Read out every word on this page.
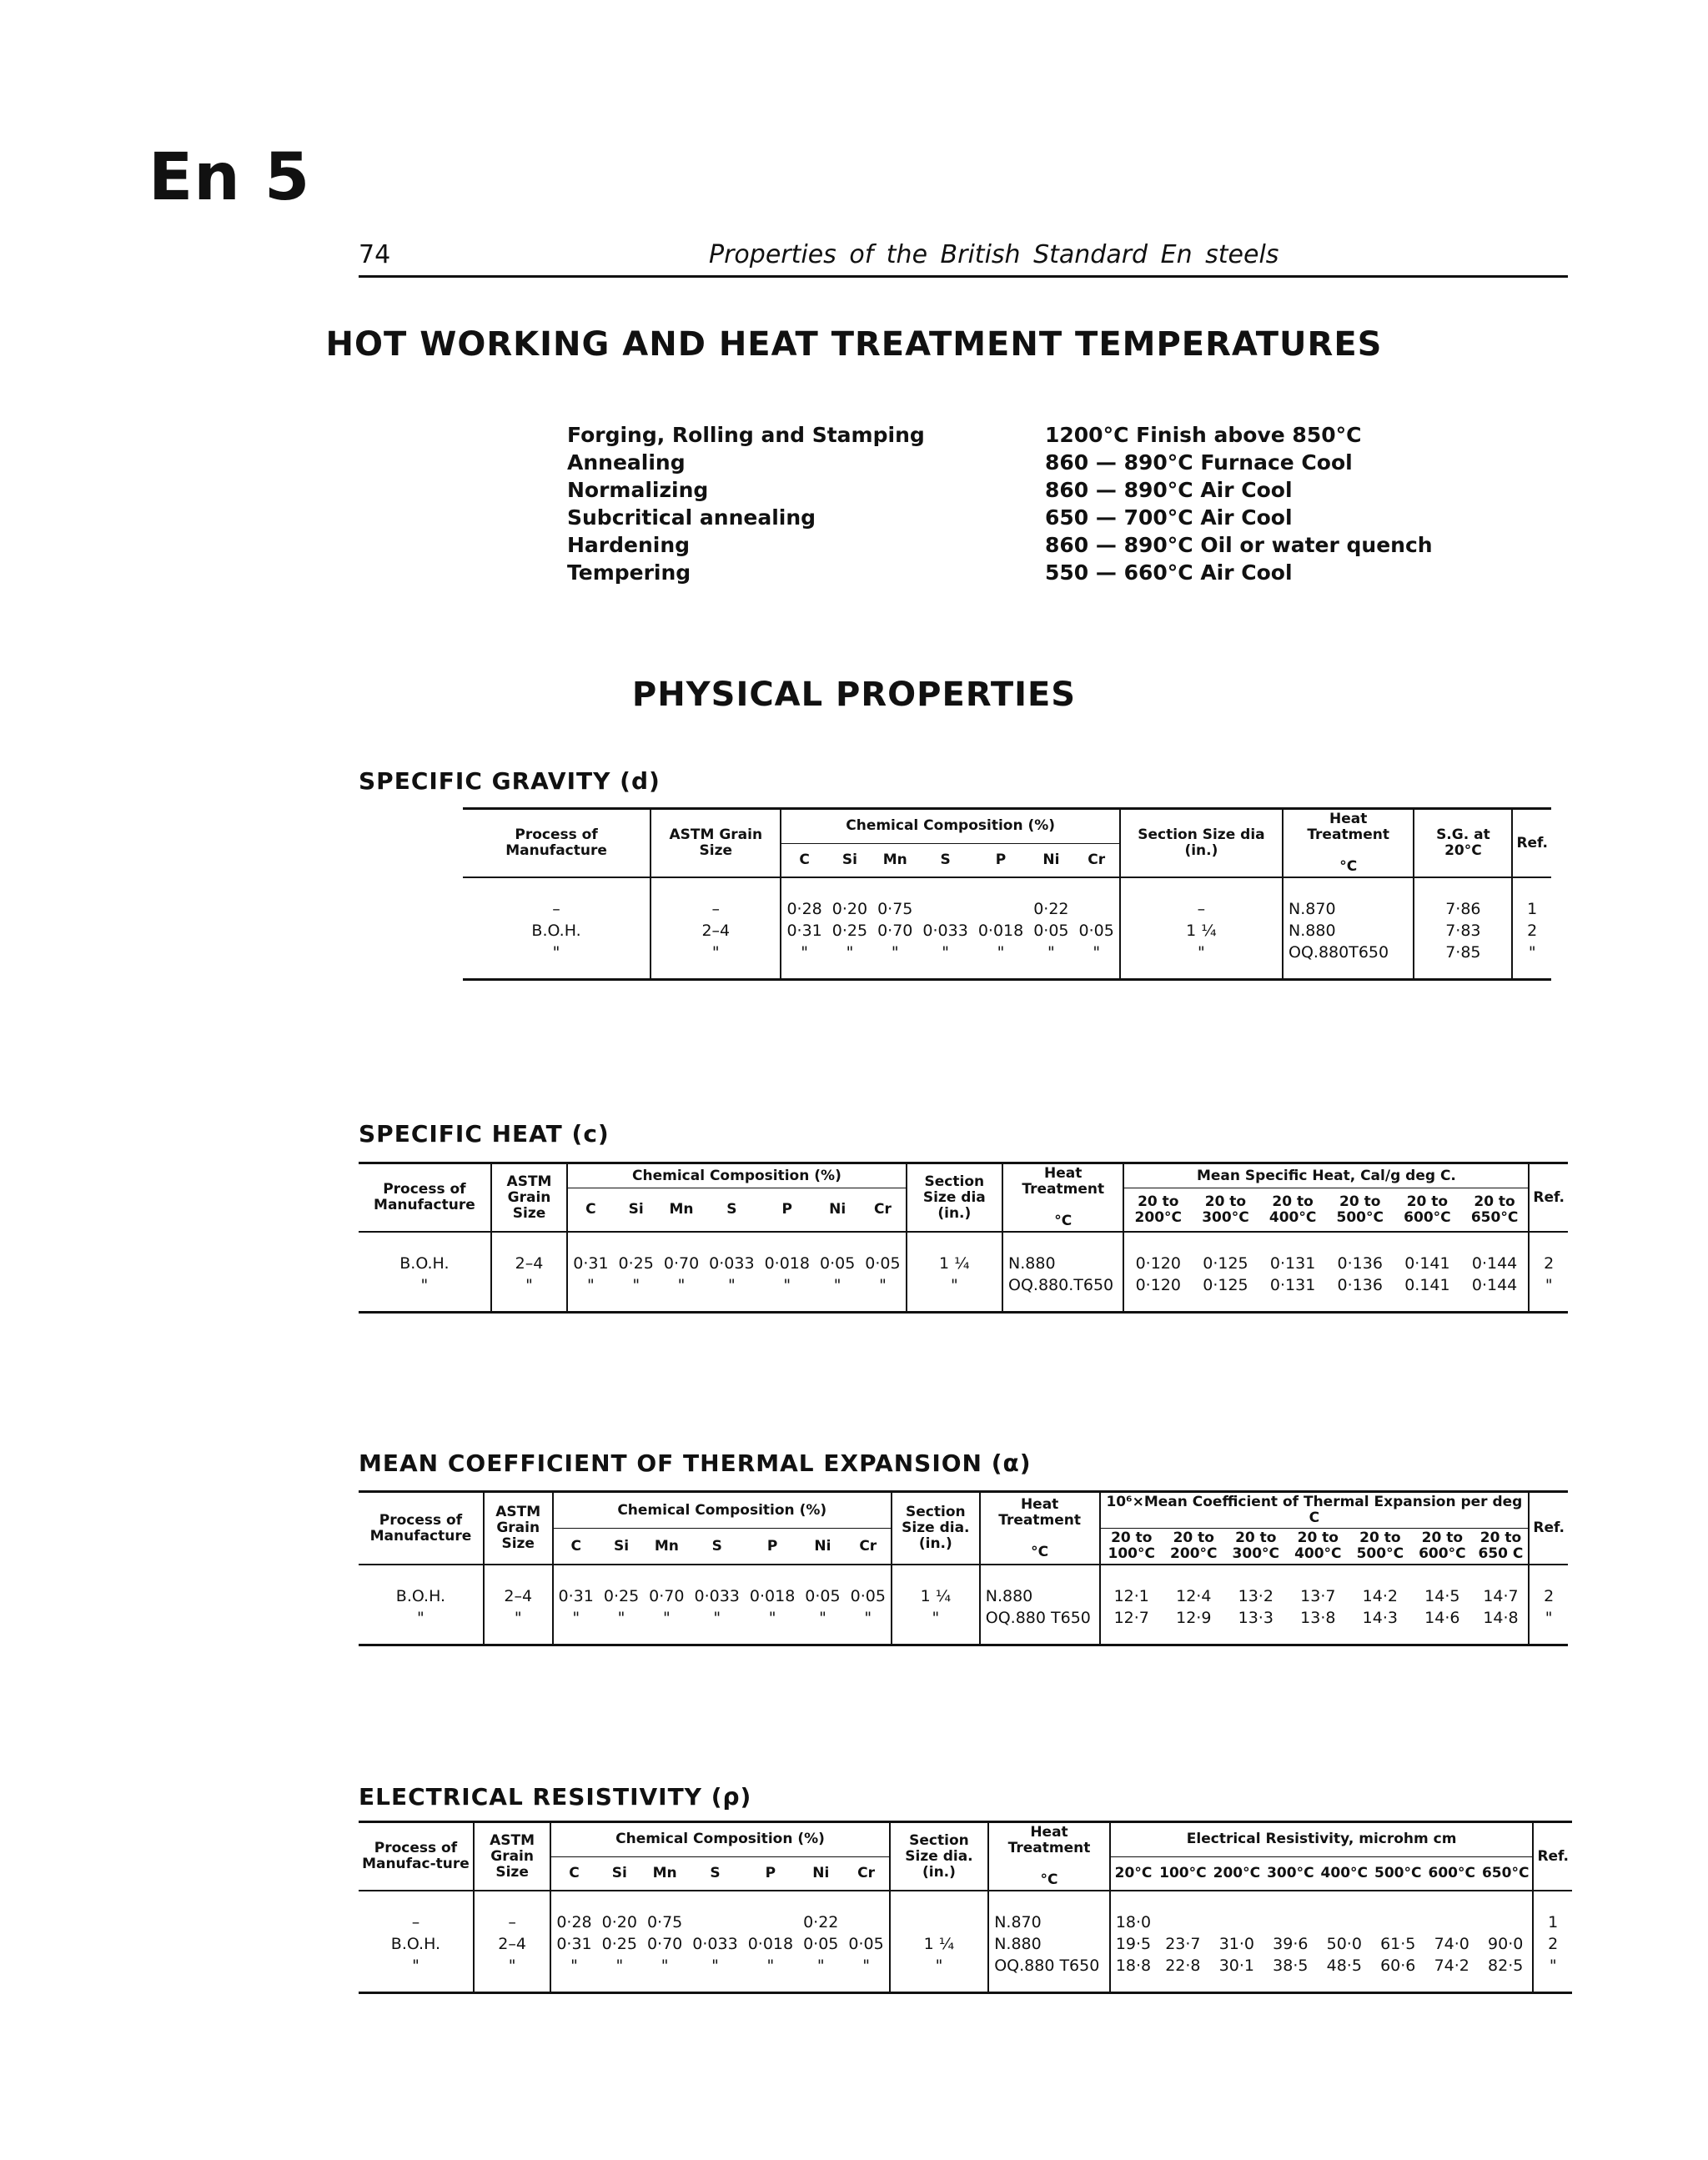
En 5
74	Properties of the British Standard En steels
HOT WORKING AND HEAT TREATMENT TEMPERATURES
Forging, Rolling and Stamping	1200°C Finish above 850°C
Annealing	860 — 890°C Furnace Cool
Normalizing	860 — 890°C Air Cool
Subcritical annealing	650 — 700°C Air Cool
Hardening	860 — 890°C Oil or water quench
Tempering	550 — 660°C Air Cool
PHYSICAL PROPERTIES
SPECIFIC GRAVITY (d)
Process of Manufacture	ASTM Grain Size	Chemical Composition (%)							Section Size dia (in.)	Heat Treatment

°C	S.G. at 20°C	Ref.
		C	Si	Mn	S	P	Ni	Cr				
–	–	0·28	0·20	0·75			0·22		–	N.870	7·86	1
B.O.H.	2–4	0·31	0·25	0·70	0·033	0·018	0·05	0·05	1 ¼	N.880	7·83	2
"	"	"	"	"	"	"	"	"	"	OQ.880T650	7·85	"
SPECIFIC HEAT (c)
Process of Manufacture	ASTM Grain Size	Chemical Composition (%)							Section Size dia (in.)	Heat Treatment

°C	Mean Specific Heat, Cal/g deg C.						Ref.
		C	Si	Mn	S	P	Ni	Cr			20 to 200°C	20 to 300°C	20 to 400°C	20 to 500°C	20 to 600°C	20 to 650°C	
B.O.H.	2–4	0·31	0·25	0·70	0·033	0·018	0·05	0·05	1 ¼	N.880	0·120	0·125	0·131	0·136	0·141	0·144	2
"	"	"	"	"	"	"	"	"	"	OQ.880.T650	0·120	0·125	0·131	0·136	0.141	0·144	"
MEAN COEFFICIENT OF THERMAL EXPANSION (α)
Process of Manufacture	ASTM Grain Size	Chemical Composition (%)							Section Size dia. (in.)	Heat Treatment

°C	10⁶×Mean Coefficient of Thermal Expansion per deg C							Ref.
		C	Si	Mn	S	P	Ni	Cr			20 to 100°C	20 to 200°C	20 to 300°C	20 to 400°C	20 to 500°C	20 to 600°C	20 to 650 C	
B.O.H.	2–4	0·31	0·25	0·70	0·033	0·018	0·05	0·05	1 ¼	N.880	12·1	12·4	13·2	13·7	14·2	14·5	14·7	2
"	"	"	"	"	"	"	"	"	"	OQ.880 T650	12·7	12·9	13·3	13·8	14·3	14·6	14·8	"
ELECTRICAL RESISTIVITY (ρ)
Process of Manufac-ture	ASTM Grain Size	Chemical Composition (%)							Section Size dia. (in.)	Heat Treatment

°C	Electrical Resistivity, microhm cm								Ref.
		C	Si	Mn	S	P	Ni	Cr			20°C	100°C	200°C	300°C	400°C	500°C	600°C	650°C	
–	–	0·28	0·20	0·75			0·22			N.870	18·0								1
B.O.H.	2–4	0·31	0·25	0·70	0·033	0·018	0·05	0·05	1 ¼	N.880	19·5	23·7	31·0	39·6	50·0	61·5	74·0	90·0	2
"	"	"	"	"	"	"	"	"	"	OQ.880 T650	18·8	22·8	30·1	38·5	48·5	60·6	74·2	82·5	"
